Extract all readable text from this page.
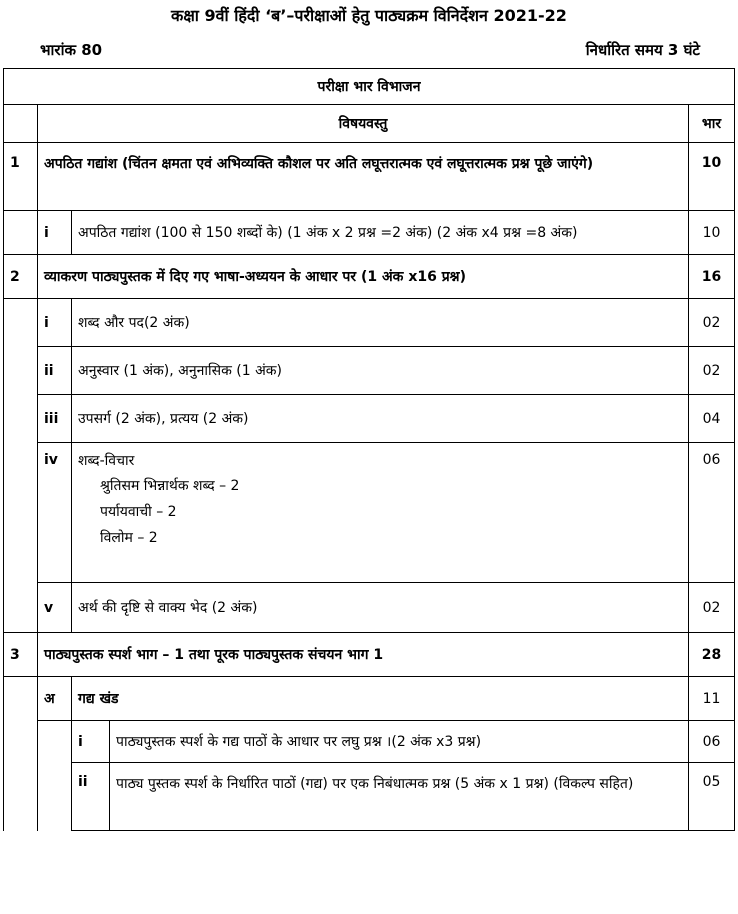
कक्षा 9वीं हिंदी ‘ब’–परीक्षाओं हेतु पाठ्यक्रम विनिर्देशन 2021-22
भारांक 80	निर्धारित समय 3 घंटे
परीक्षा भार विभाजन				
	विषयवस्तु			भार
1	अपठित गद्यांश (चिंतन क्षमता एवं अभिव्यक्ति कौशल पर अति लघूत्तरात्मक एवं लघूत्तरात्मक प्रश्न पूछे जाएंगे)			10
	i	अपठित गद्यांश (100 से 150 शब्दों के) (1 अंक x 2 प्रश्न =2 अंक) (2 अंक x4 प्रश्न =8 अंक)		10
2	व्याकरण पाठ्यपुस्तक में दिए गए भाषा-अध्ययन के आधार पर (1 अंक x16 प्रश्न)			16
	i	शब्द और पद(2 अंक)		02
	ii	अनुस्वार (1 अंक), अनुनासिक (1 अंक)		02
	iii	उपसर्ग (2 अंक), प्रत्यय (2 अंक)		04
	iv	शब्द-विचार
श्रुतिसम भिन्नार्थक शब्द – 2
पर्यायवाची – 2
विलोम – 2		06
	v	अर्थ की दृष्टि से वाक्य भेद (2 अंक)		02
3	पाठ्यपुस्तक स्पर्श भाग – 1 तथा पूरक पाठ्यपुस्तक संचयन भाग 1			28
	अ	गद्य खंड		11
		i	पाठ्यपुस्तक स्पर्श के गद्य पाठों के आधार पर लघु प्रश्न ।(2 अंक x3 प्रश्न)	06
		ii	पाठ्य पुस्तक स्पर्श के निर्धारित पाठों (गद्य) पर एक निबंधात्मक प्रश्न (5 अंक x 1 प्रश्न) (विकल्प सहित)	05
